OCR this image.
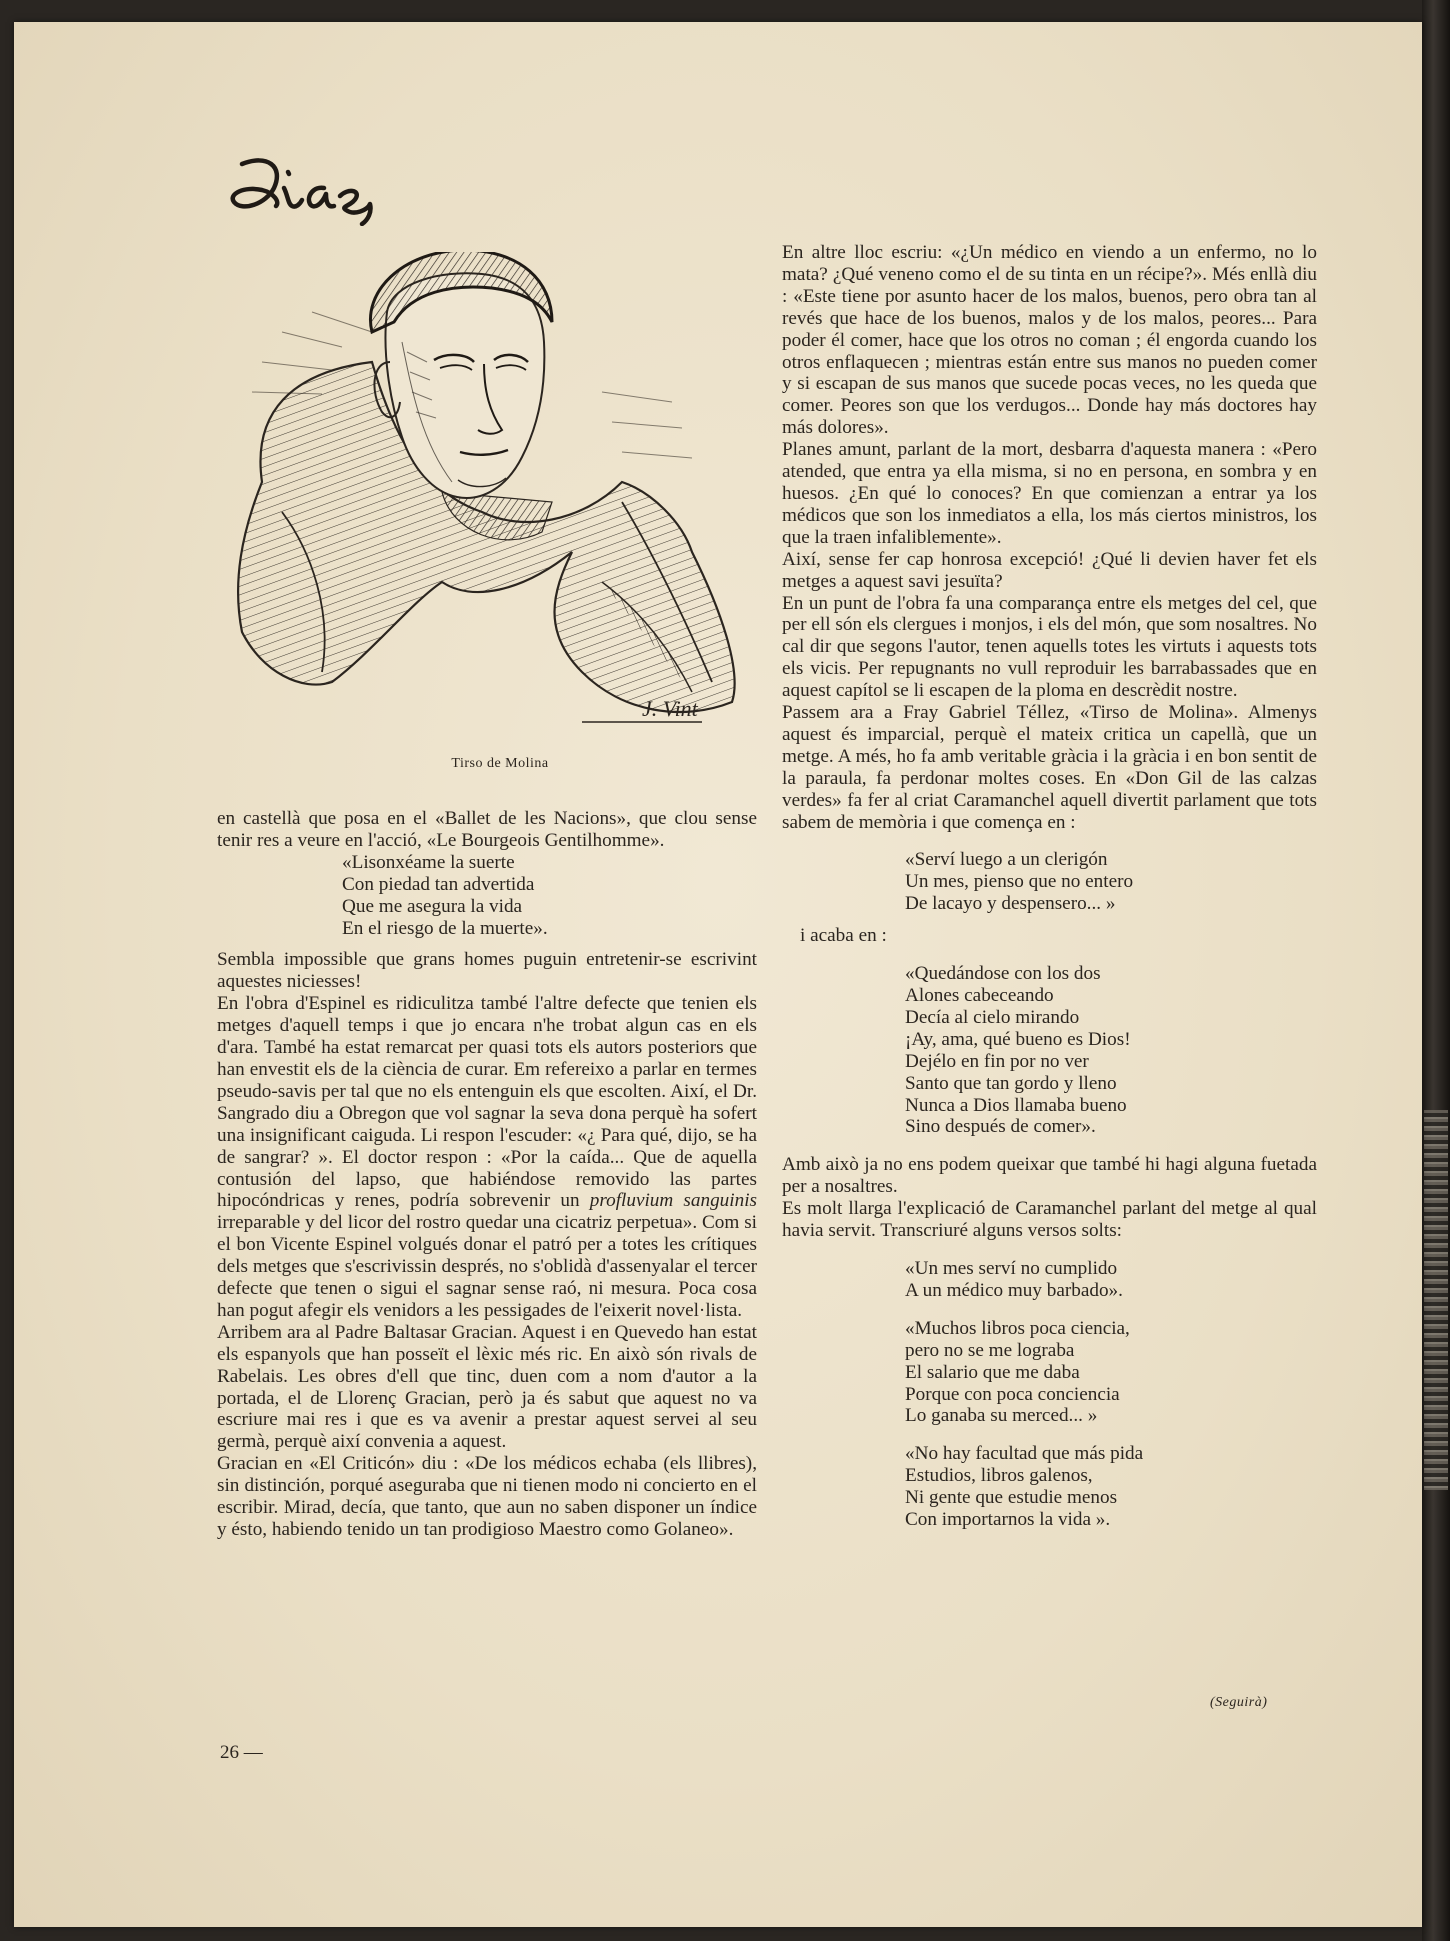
J. Vint
Tirso de Molina

en castellà que posa en el «Ballet de les Nacions», que clou sense tenir res a veure en l'acció, «Le Bourgeois Gentilhomme».

«Lisonxéame la suerte
Con piedad tan advertida
Que me asegura la vida
En el riesgo de la muerte».

Sembla impossible que grans homes puguin entretenir-se escrivint aquestes niciesses!

En l'obra d'Espinel es ridiculitza també l'altre defecte que tenien els metges d'aquell temps i que jo encara n'he trobat algun cas en els d'ara. També ha estat remarcat per quasi tots els autors posteriors que han envestit els de la ciència de curar. Em refereixo a parlar en termes pseudo-savis per tal que no els entenguin els que escolten. Així, el Dr. Sangrado diu a Obregon que vol sagnar la seva dona perquè ha sofert una insignificant caiguda. Li respon l'escuder: «¿ Para qué, dijo, se ha de sangrar? ». El doctor respon : «Por la caída... Que de aquella contusión del lapso, que habiéndose removido las partes hipocóndricas y renes, podría sobrevenir un profluvium sanguinis irreparable y del licor del rostro quedar una cicatriz perpetua». Com si el bon Vicente Espinel volgués donar el patró per a totes les crítiques dels metges que s'escrivissin després, no s'oblidà d'assenyalar el tercer defecte que tenen o sigui el sagnar sense raó, ni mesura. Poca cosa han pogut afegir els venidors a les pessigades de l'eixerit novel·lista.

Arribem ara al Padre Baltasar Gracian. Aquest i en Quevedo han estat els espanyols que han posseït el lèxic més ric. En això són rivals de Rabelais. Les obres d'ell que tinc, duen com a nom d'autor a la portada, el de Llorenç Gracian, però ja és sabut que aquest no va escriure mai res i que es va avenir a prestar aquest servei al seu germà, perquè així convenia a aquest.

Gracian en «El Criticón» diu : «De los médicos echaba (els llibres), sin distinción, porqué aseguraba que ni tienen modo ni concierto en el escribir. Mirad, decía, que tanto, que aun no saben disponer un índice y ésto, habiendo tenido un tan prodigioso Maestro como Golaneo».

En altre lloc escriu: «¿Un médico en viendo a un enfermo, no lo mata? ¿Qué veneno como el de su tinta en un récipe?». Més enllà diu : «Este tiene por asunto hacer de los malos, buenos, pero obra tan al revés que hace de los buenos, malos y de los malos, peores... Para poder él comer, hace que los otros no coman ; él engorda cuando los otros enflaquecen ; mientras están entre sus manos no pueden comer y si escapan de sus manos que sucede pocas veces, no les queda que comer. Peores son que los verdugos... Donde hay más doctores hay más dolores».

Planes amunt, parlant de la mort, desbarra d'aquesta manera : «Pero atended, que entra ya ella misma, si no en persona, en sombra y en huesos. ¿En qué lo conoces? En que comienzan a entrar ya los médicos que son los inmediatos a ella, los más ciertos ministros, los que la traen infaliblemente».

Així, sense fer cap honrosa excepció! ¿Qué li devien haver fet els metges a aquest savi jesuïta?

En un punt de l'obra fa una comparança entre els metges del cel, que per ell són els clergues i monjos, i els del món, que som nosaltres. No cal dir que segons l'autor, tenen aquells totes les virtuts i aquests tots els vicis. Per repugnants no vull reproduir les barrabassades que en aquest capítol se li escapen de la ploma en descrèdit nostre.

Passem ara a Fray Gabriel Téllez, «Tirso de Molina». Almenys aquest és imparcial, perquè el mateix critica un capellà, que un metge. A més, ho fa amb veritable gràcia i la gràcia i en bon sentit de la paraula, fa perdonar moltes coses. En «Don Gil de las calzas verdes» fa fer al criat Caramanchel aquell divertit parlament que tots sabem de memòria i que comença en :

«Serví luego a un clerigón
Un mes, pienso que no entero
De lacayo y despensero... »

i acaba en :

«Quedándose con los dos
Alones cabeceando
Decía al cielo mirando
¡Ay, ama, qué bueno es Dios!
Dejélo en fin por no ver
Santo que tan gordo y lleno
Nunca a Dios llamaba bueno
Sino después de comer».

Amb això ja no ens podem queixar que també hi hagi alguna fuetada per a nosaltres.

Es molt llarga l'explicació de Caramanchel parlant del metge al qual havia servit. Transcriuré alguns versos solts:

«Un mes serví no cumplido
A un médico muy barbado».
«Muchos libros poca ciencia,
pero no se me lograba
El salario que me daba
Porque con poca conciencia
Lo ganaba su merced... »
«No hay facultad que más pida
Estudios, libros galenos,
Ni gente que estudie menos
Con importarnos la vida ».
(Seguirà)
26 —
